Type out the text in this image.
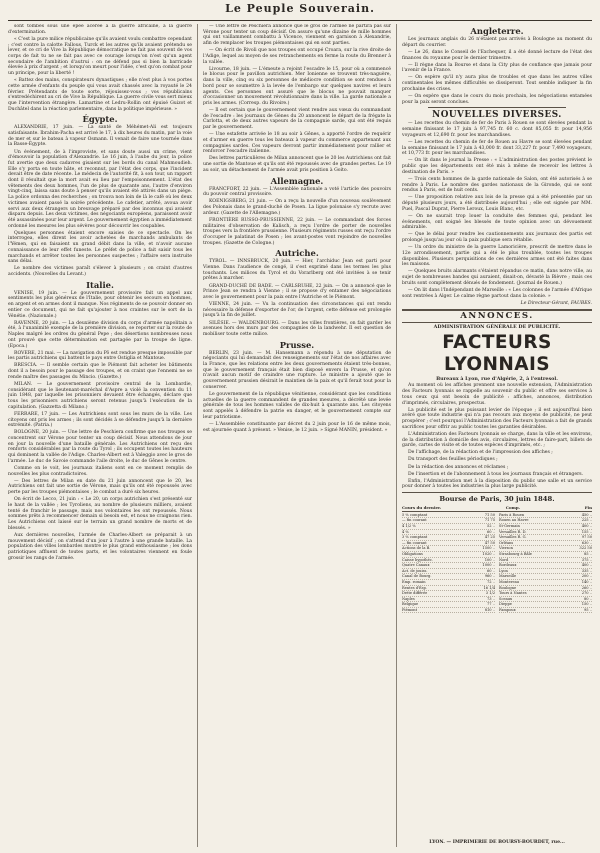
Le Peuple Souverain.

sont tombés sous une épée acérée à la guerre africaine, à la guerre d'extermination.

« C'est la pure milice républicaine qu'ils avaient voulu combattre cependant ; c'est contre la calotte Fallous, Turck et les autres qu'ils avaient prétendu se lever, et ce cri de Vive la République démocratique ne fait pas souvent de vos corps de fait tu ne se fait pas avec ce courage lorsqu'on n'est qu'un agent secondaire de l'ambition d'autrui : on ne défend pas si bien la barricade élevée à prix d'argent ; et lorsqu'on meurt pour l'idée, c'est qu'on combat pour un principe, pour la liberté !

« Battez des mains, conspirateurs dynastiques ; elle n'est plus à vos portes cette armée d'enfants du peuple qui vous avait chassés avec la royauté le 24 février. Prétendants de toute sorte, réjouissez-vous ; vos républicains s'entredéchirent au cri de Vive la République. La guerre civile vous sert mieux que l'intervention étrangère. Lamartine et Ledru-Rollin ont épuisé Guizot et Duchâtel dans la réaction parlementaire, dans la politique impérieuse. »

Égypte.

ALEXANDRIE, 17 juin. — La santé de Méhémet-Ali est toujours satisfaisante. Ibrahim-Pacha est arrivé le 17, à dix heures du matin, par la voie de mer et sur le bateau à vapeur Osmann. Il venait de faire une tournée dans la Basse-Égypte.

Un événement, de à l'improviste, et sans doute aussi un crime, vient d'émouvoir la population d'Alexandrie. Le 16 juin, à l'aube du jour, la police fut avertie que deux cadavres gisaient sur les bords du canal Mahmoudieh. Elle s'y porta en toute hâte, et reconnut, par l'état des corps, que l'incident devait être de date récente. Le médecin de l'autorité fit, à son tour, un rapport dont il résultait que la mort avait eu lieu par l'empoisonnement. L'état des vêtements des deux hommes, l'un de plus de quarante ans, l'autre d'environ vingt-cinq, laissa sans doute à penser qu'ils avaient été attirés dans un piège. La police ordonna des recherches ; on trouva non loin de là le café où les deux victimes avaient passé la soirée précédente. Le cafetier, arrêté, avoua avoir servi aux deux étrangers un breuvage préparé par des inconnus qui avaient disparu depuis. Les deux victimes, des négociants européens, paraissent avoir été assassinées pour leur argent. Le gouvernement égyptien a immédiatement ordonné les mesures les plus sévères pour découvrir les coupables.

Quelques personnes étaient encore saisies de ce spectacle. On les interrogea, elles dirent les avoir achetées de marchands ambulants de l'Yémen, qui en faisaient un grand débit dans la ville, et n'avoir aucune connaissance de leur effet funeste. Le préfet de police a fait saisir tous les marchands et arrêter toutes les personnes suspectes ; l'affaire sera instruite sans délai.

Le nombre des victimes paraît s'élever à plusieurs ; on craint d'autres accidents. (Nouvelles du Levant.)

Italie.

VENISE, 19 juin. — Le gouvernement provisoire fait un appel aux sentiments les plus généreux de l'Italie, pour obtenir les secours en hommes, en argent et en armes dont il manque. Nos régiments de se pouvoir donner en entier ce document, qui ne fait qu'ajouter à nos craintes sur le sort de la Vénétie. (Nazionale.)

RAVENNE, 20 juin. — La deuxième division du corps d'armée napolitain a été, à l'unanimité exemple de la première division, se reporter sur la route de Naples malgré les ordres du général Pepe ; des désertions nombreuses nous ont prouvé que cette détermination est partagée par la troupe de ligne. (Epoca.)

ROVERE, 21 mai. — La navigation du Pô est rendue presque impossible par les partis autrichiens qui battent le pays entre Ostiglia et Mantoue.

BRESCIA. — Il semble certain que le Piémont fait acheter les bâtiments dont il a besoin pour le passage des troupes, et on craint que l'ennemi ne se rende maître des passages du Mincio. (Gazette.)

MILAN. — Le gouvernement provisoire central de la Lombardie, considérant que le lieutenant-maréchal d'Aspre a violé la convention du 11 juin 1848, par laquelle les prisonniers devaient être échangés, déclare que tous les prisonniers autrichiens seront retenus jusqu'à l'exécution de la capitulation. (Gazzetta di Milano.)

FERRARE, 17 juin. — Les Autrichiens sont sous les murs de la ville. Les citoyens ont pris les armes ; ils sont décidés à se défendre jusqu'à la dernière extrémité. (Patria.)

BOLOGNE, 20 juin. — Une lettre de Peschiera confirme que nos troupes se concentrent sur Vérone pour tenter un coup décisif. Nous attendons de jour en jour la nouvelle d'une bataille générale. Les Autrichiens ont reçu des renforts considérables par la route du Tyrol ; ils occupent toutes les hauteurs qui dominent la vallée de l'Adige. Charles-Albert est à Valeggio avec le gros de l'armée. Le duc de Savoie commande l'aile droite, le duc de Gênes le centre.

Comme on le voit, les journaux italiens sont en ce moment remplis de nouvelles les plus contradictoires.

— Des lettres de Milan en date du 21 juin annoncent que le 20, les Autrichiens ont fait une sortie de Vérone, mais qu'ils ont été repoussés avec perte par les troupes piémontaises ; le combat a duré six heures.

On écrit de Lecco, 21 juin : « Le 20, un corps autrichien s'est présenté sur le haut de la vallée ; les Tyroliens, au nombre de plusieurs milliers, avaient tenté de franchir le passage, mais nos volontaires les ont repoussés. Nous sommes prêts à recommencer demain si besoin est, et nous ne craignons rien. Les Autrichiens ont laissé sur le terrain un grand nombre de morts et de blessés. »

Aux dernières nouvelles, l'armée de Charles-Albert se préparait à un mouvement décisif ; on s'attend d'un jour à l'autre à une grande bataille. La population des villes lombardes montre le plus grand enthousiasme ; les dons patriotiques affluent de toutes parts, et les volontaires viennent en foule grossir les rangs de l'armée.

— Une lettre de Peschiera annonce que le gros de l'armée ne partira pas sur Vérone pour tenter un coup décisif. On assure qu'une dizaine de mille hommes qui ont vaillamment combattu à Vicence, viennent en garnison à Alexandrie, afin de remplacer les troupes piémontaises qui en sont parties.

— On écrit de Rivoli que nos troupes ont occupé Croara, sur la rive droite de l'Adige, lequel au moyen de ses retranchements en ferme la route du Brenner à la vallée.

Livourne, 18 juin. — L'émeute a rejoint l'escadre le 15, pour où a commencé le blocus pour le pavillon autrichien. Mer Ionienne se trouvent très-naguère, dans la ville, cinq ou six personnes de médiocre condition se sont rendues à bord pour se soumettre à la levée de l'embargo sur quelques navires et leurs agents. Ces personnes ont assuré que le blocus ne pouvait manquer d'occasionner un mouvement révolutionnaire dans la ville. La garde nationale a pris les armes. (Corresp. du Rivoire.)

— Il est certain que le gouvernement vient rendre aux vœux du commandant de l'escadre : les journaux de Gènes du 20 annoncent le départ de la frégate la Carlotta, et de deux autres vapeurs de la compagnie sarde, qui ont été requis par le gouvernement.

— Une estafette arrivée le 18 au soir à Gênes, a apporté l'ordre de requérir et d'armer en guerre tous les bateaux à vapeur du commerce appartenant aux compagnies sardes. Ces vapeurs devront partir immédiatement pour rallier et renforcer l'escadre italienne.

Des lettres particulières de Milan annoncent que le 20 les Autrichiens ont fait une sortie de Mantoue et qu'ils ont été repoussés avec de grandes pertes. Le 19 au soir, un détachement de l'armée avait pris position à Goito.

Allemagne.

FRANCFORT, 22 juin. — L'Assemblée nationale a voté l'article des pouvoirs du pouvoir central provisoire.

KOENIGSBERG, 21 juin. — On a reçu la nouvelle d'un nouveau soulèvement des Polonais dans le grand-duché de Posen. La ligue polonaise s'y recrute avec ardeur. (Gazette de l'Allemagne.)

FRONTIÈRE RUSSO-PRUSSIENNE, 22 juin. — Le commandant des forces militaires d'observation de Kalisch, a reçu l'ordre de porter de nouvelles troupes vers la frontière prussienne. Plusieurs régiments russes ont reçu l'ordre d'occuper le palatinat de Posen ; les avant-postes vont rejoindre de nouvelles troupes. (Gazette de Cologne.)

Autriche.

TYROL. — INNSBRUCK, 20 juin. — Hier, l'archiduc Jean est parti pour Vienne. Dans l'audience de congé, il s'est exprimé dans les termes les plus touchants. Les milices du Tyrol et du Vorarlberg ont été invitées à se tenir prêtes à marcher.

GRAND-DUCHÉ DE BADE. — CARLSRUHE, 22 juin. — On a annoncé que le Prince Jean se rendra à Vienne ; il se propose d'y entamer des négociations avec le gouvernement pour la paix entre l'Autriche et le Piémont.

VIENNE, 24 juin. — Vu la continuation des circonstances qui ont rendu nécessaire la défense d'exporter de l'or, de l'argent, cette défense est prolongée jusqu'à la fin de juillet.

SILÉSIE. — WALDENBOURG. — Dans les villes frontières, on fait garder les avenues hors des murs par des compagnies de la landwehr. Il est question de mobiliser toute cette milice.

Prusse.

BERLIN, 23 juin. — M. Hansemann a répondu à une députation de négociants qui lui demandait des renseignements sur l'état de nos affaires avec la France, que les relations entre les deux gouvernements étaient très-bonnes, que le gouvernement français était bien disposé envers la Prusse, et qu'on n'avait aucun motif de craindre une rupture. Le ministre a ajouté que le gouvernement prussien désirait le maintien de la paix et qu'il ferait tout pour la conserver.

Le gouvernement de la république vénitienne, considérant que les conditions actuelles de la guerre commandent de grandes mesures, a décrété une levée générale de tous les hommes valides de dix-huit à quarante ans. Les citoyens sont appelés à défendre la patrie en danger, et le gouvernement compte sur leur patriotisme.

— L'Assemblée constituante par décret du 2 juin pour le 16 de même mois, est ajournée quant à présent. » Venise, le 12 juin. » Signé MANIN, président. »

Angleterre.

Les journaux anglais du 26 n'étaient pas arrivés à Boulogne au moment du départ du courrier.

— Le 26, dans le Conseil de l'Exchequer, il a été donné lecture de l'état des finances du royaume pour le dernier trimestre.

— Il règne dans la Bourse et dans la City plus de confiance que jamais pour l'avenir de la France.

— On espère qu'il n'y aura plus de troubles et que dans les autres villes continentales les mêmes difficultés se dissiperont. Tout semble indiquer la fin prochaine des crises.

— On espère que dans le cours du mois prochain, les négociations entamées pour la paix seront conclues.

NOUVELLES DIVERSES.

— Les recettes du chemin de fer de Paris à Rouen se sont élevées pendant la semaine finissant le 17 juin à 97,745 fr. 60 c. dont 85,055 fr. pour 14,956 voyageurs et 12,690 fr. pour les marchandises.

— Les recettes du chemin de fer de Rouen au Havre se sont élevées pendant la semaine finissant le 17 juin à 43,000 fr. dont 33,227 fr. pour 7,490 voyageurs, et 10,773 fr. pour les marchandises.

— On lit dans le journal la Presse : « L'administration des postes prévient le public que les départements ont été mis à même de recevoir les lettres à destination de Paris. »

— Trois cents hommes de la garde nationale de Salon, ont été autorisés à se rendre à Paris. Le nombre des gardes nationaux de la Gironde, qui se sont rendus à Paris, est de huit cents.

— Une proposition relative aux lois de la presse qui a été présentée par un député plusieurs jours, a été distribuée aujourd'hui ; elle est signée par MM. Puel, Pascal Duprat, Pierre Leroux, Louis Blanc, etc.

— On ne saurait trop louer la conduite des femmes qui, pendant les événements, ont soigné les blessés de toute opinion avec un dévouement admirable.

— Que le délai pour rendre les cautionnements aux journaux des partis est prolongé jusqu'au jour où la paix publique sera rétablie.

— Un ordre du ministre de la guerre Lamoricière, prescrit de mettre dans le 12e arrondissement, partie qui a été le plus troublée, toutes les troupes disponibles. Plusieurs perquisitions de ces dernières armes ont été faites dans les maisons.

— Quelques bruits alarmants s'étaient répandus ce matin, dans notre ville, au sujet de nombreuses bandes qui auraient, disait-on, dévasté la Bièvre ; mais ces bruits sont complètement dénués de fondement. (Journal de Rouen.)

— On lit dans l'Indépendant de Marseille : « Les colonnes de l'armée d'Afrique sont rentrées à Alger. Le calme règne partout dans la colonie. »

Le Directeur-Gérant, FAUBES.
ANNONCES.
ADMINISTRATION GÉNÉRALE DE PUBLICITÉ.
FACTEURS LYONNAIS
Bureaux à Lyon, rue d'Algérie, 2, à l'entresol.

Au moment où les affiches prennent une nouvelle extension, l'Administration des Facteurs lyonnais se rappelle au souvenir du public et offre ses services à tous ceux qui ont besoin de publicité : affiches, annonces, distribution d'imprimés, circulaires, prospectus.

La publicité est le plus puissant levier de l'époque ; il est aujourd'hui bien avéré que toute industrie qui n'a pas recours aux moyens de publicité, ne peut prospérer ; c'est pourquoi l'Administration des Facteurs lyonnais a fait de grands sacrifices pour offrir au public toutes les garanties désirables.

L'Administration des Facteurs lyonnais se charge, dans la ville et les environs, de la distribution à domicile des avis, circulaires, lettres de faire-part, billets de garde, cartes de visite et de toutes espèces d'imprimés, etc. ;

De l'affichage, de la rédaction et de l'impression des affiches ;

Du transport des feuilles périodiques ;

De la rédaction des annonces et réclames ;

De l'insertion et de l'abonnement à tous les journaux français et étrangers.

Enfin, l'Administration met à la disposition du public une salle et un service pour donner à toutes les industries la plus large publicité.

Bourse de Paris, 30 juin 1848.
Cours du dernier.	Comp.	Fin
5 % comptant	71 50
— fin courant	71 75
4 1/2 %	52 ..
4 %	60 ..
3 % comptant	47 25
— fin courant	47 50
Actions de la B.	1500 ..
Obligations	1020 ..
Caisse hypothéc.	100 ..
Quatre Canaux	1000 ..
Act. de jouiss.	60 ..
Canal de Bourg.	960 ..
Emp. romain	72 ..
Rentes d'Esp.	16 1/4
Dette différée	3 1/2
Naples	73 ..
Belgique	77 ..
Piémont	810 ..
Paris à Rouen	450 ..
Rouen au Havre	225 ..
St-Germain	400 ..
Versailles R. D.	155 ..
Versailles R. G.	97 50
Orléans	630 ..
Vierzon	322 50
Strasbourg à Bâle	85 ..
Nord	375 ..
Bordeaux	400 ..
Lyon	335 ..
Marseille	200 ..
Montereau	140 ..
Boulogne	260 ..
Tours à Nantes	270 ..
Sceaux	80 ..
Dieppe	150 ..
Fampoux	95 ..
LYON. — IMPRIMERIE DE BOURSY-BOURDET, rue...
